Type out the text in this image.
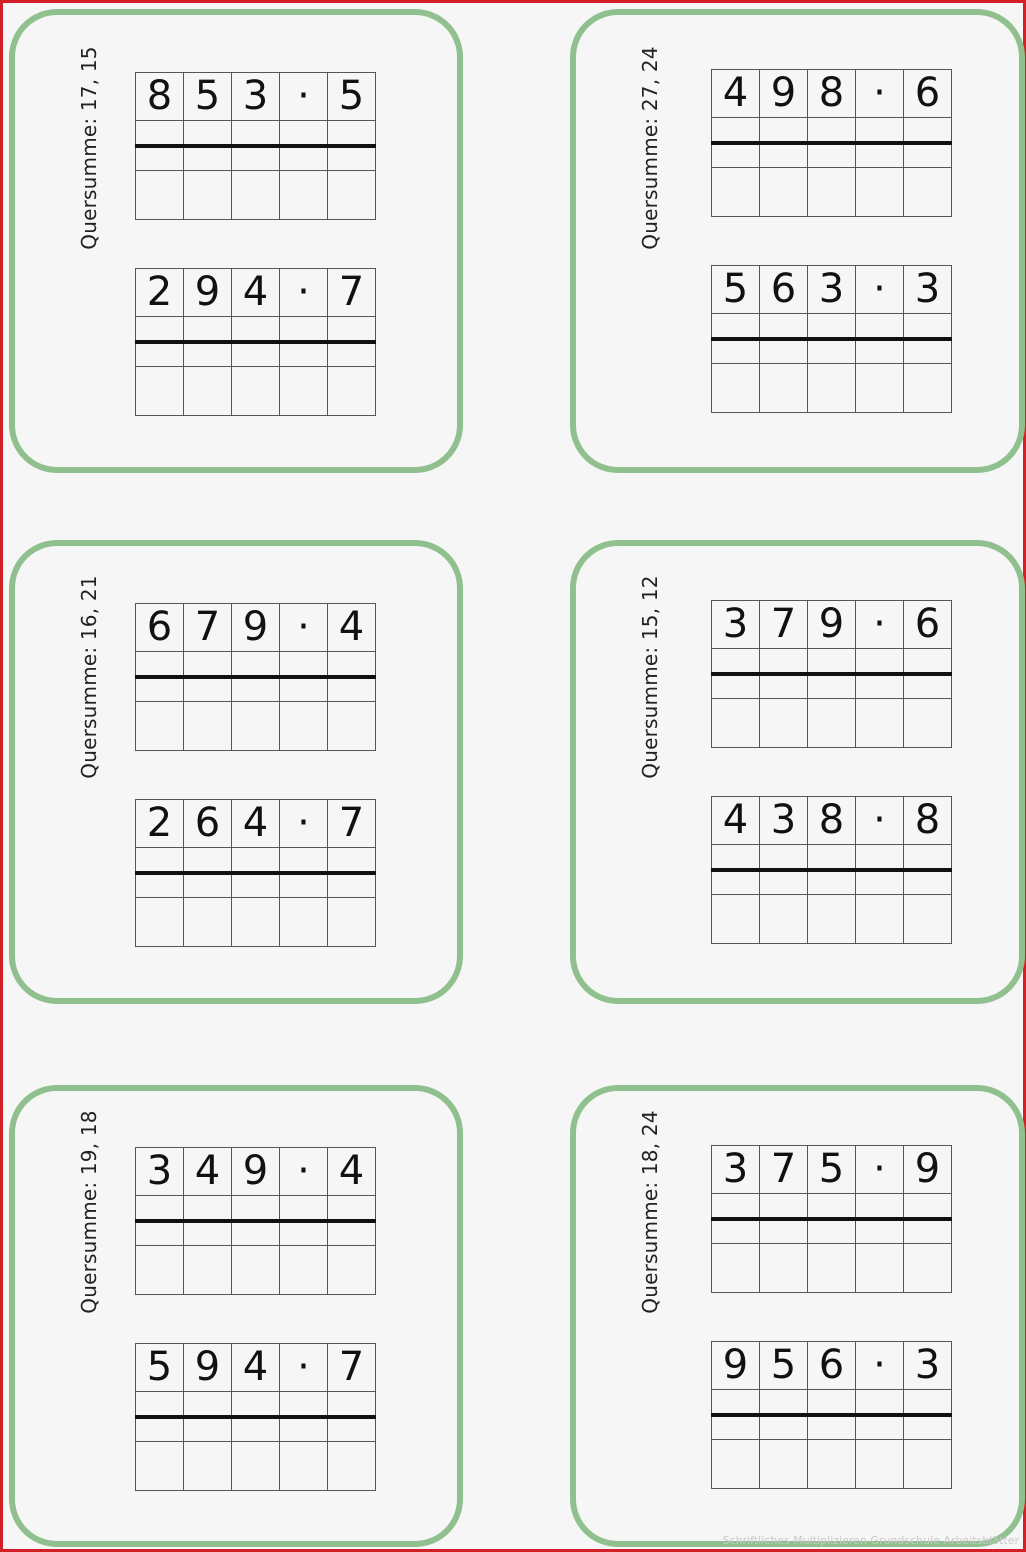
Quersumme: 17, 15 8	5	3	·	5

2	9	4	·	7

Quersumme: 27, 24 4	9	8	·	6

5	6	3	·	3

Quersumme: 16, 21 6	7	9	·	4

2	6	4	·	7

Quersumme: 15, 12 3	7	9	·	6

4	3	8	·	8

Quersumme: 19, 18 3	4	9	·	4

5	9	4	·	7

Quersumme: 18, 24 3	7	5	·	9

9	5	6	·	3

Schriftliches Multiplizieren Grundschule Arbeitsblätter
